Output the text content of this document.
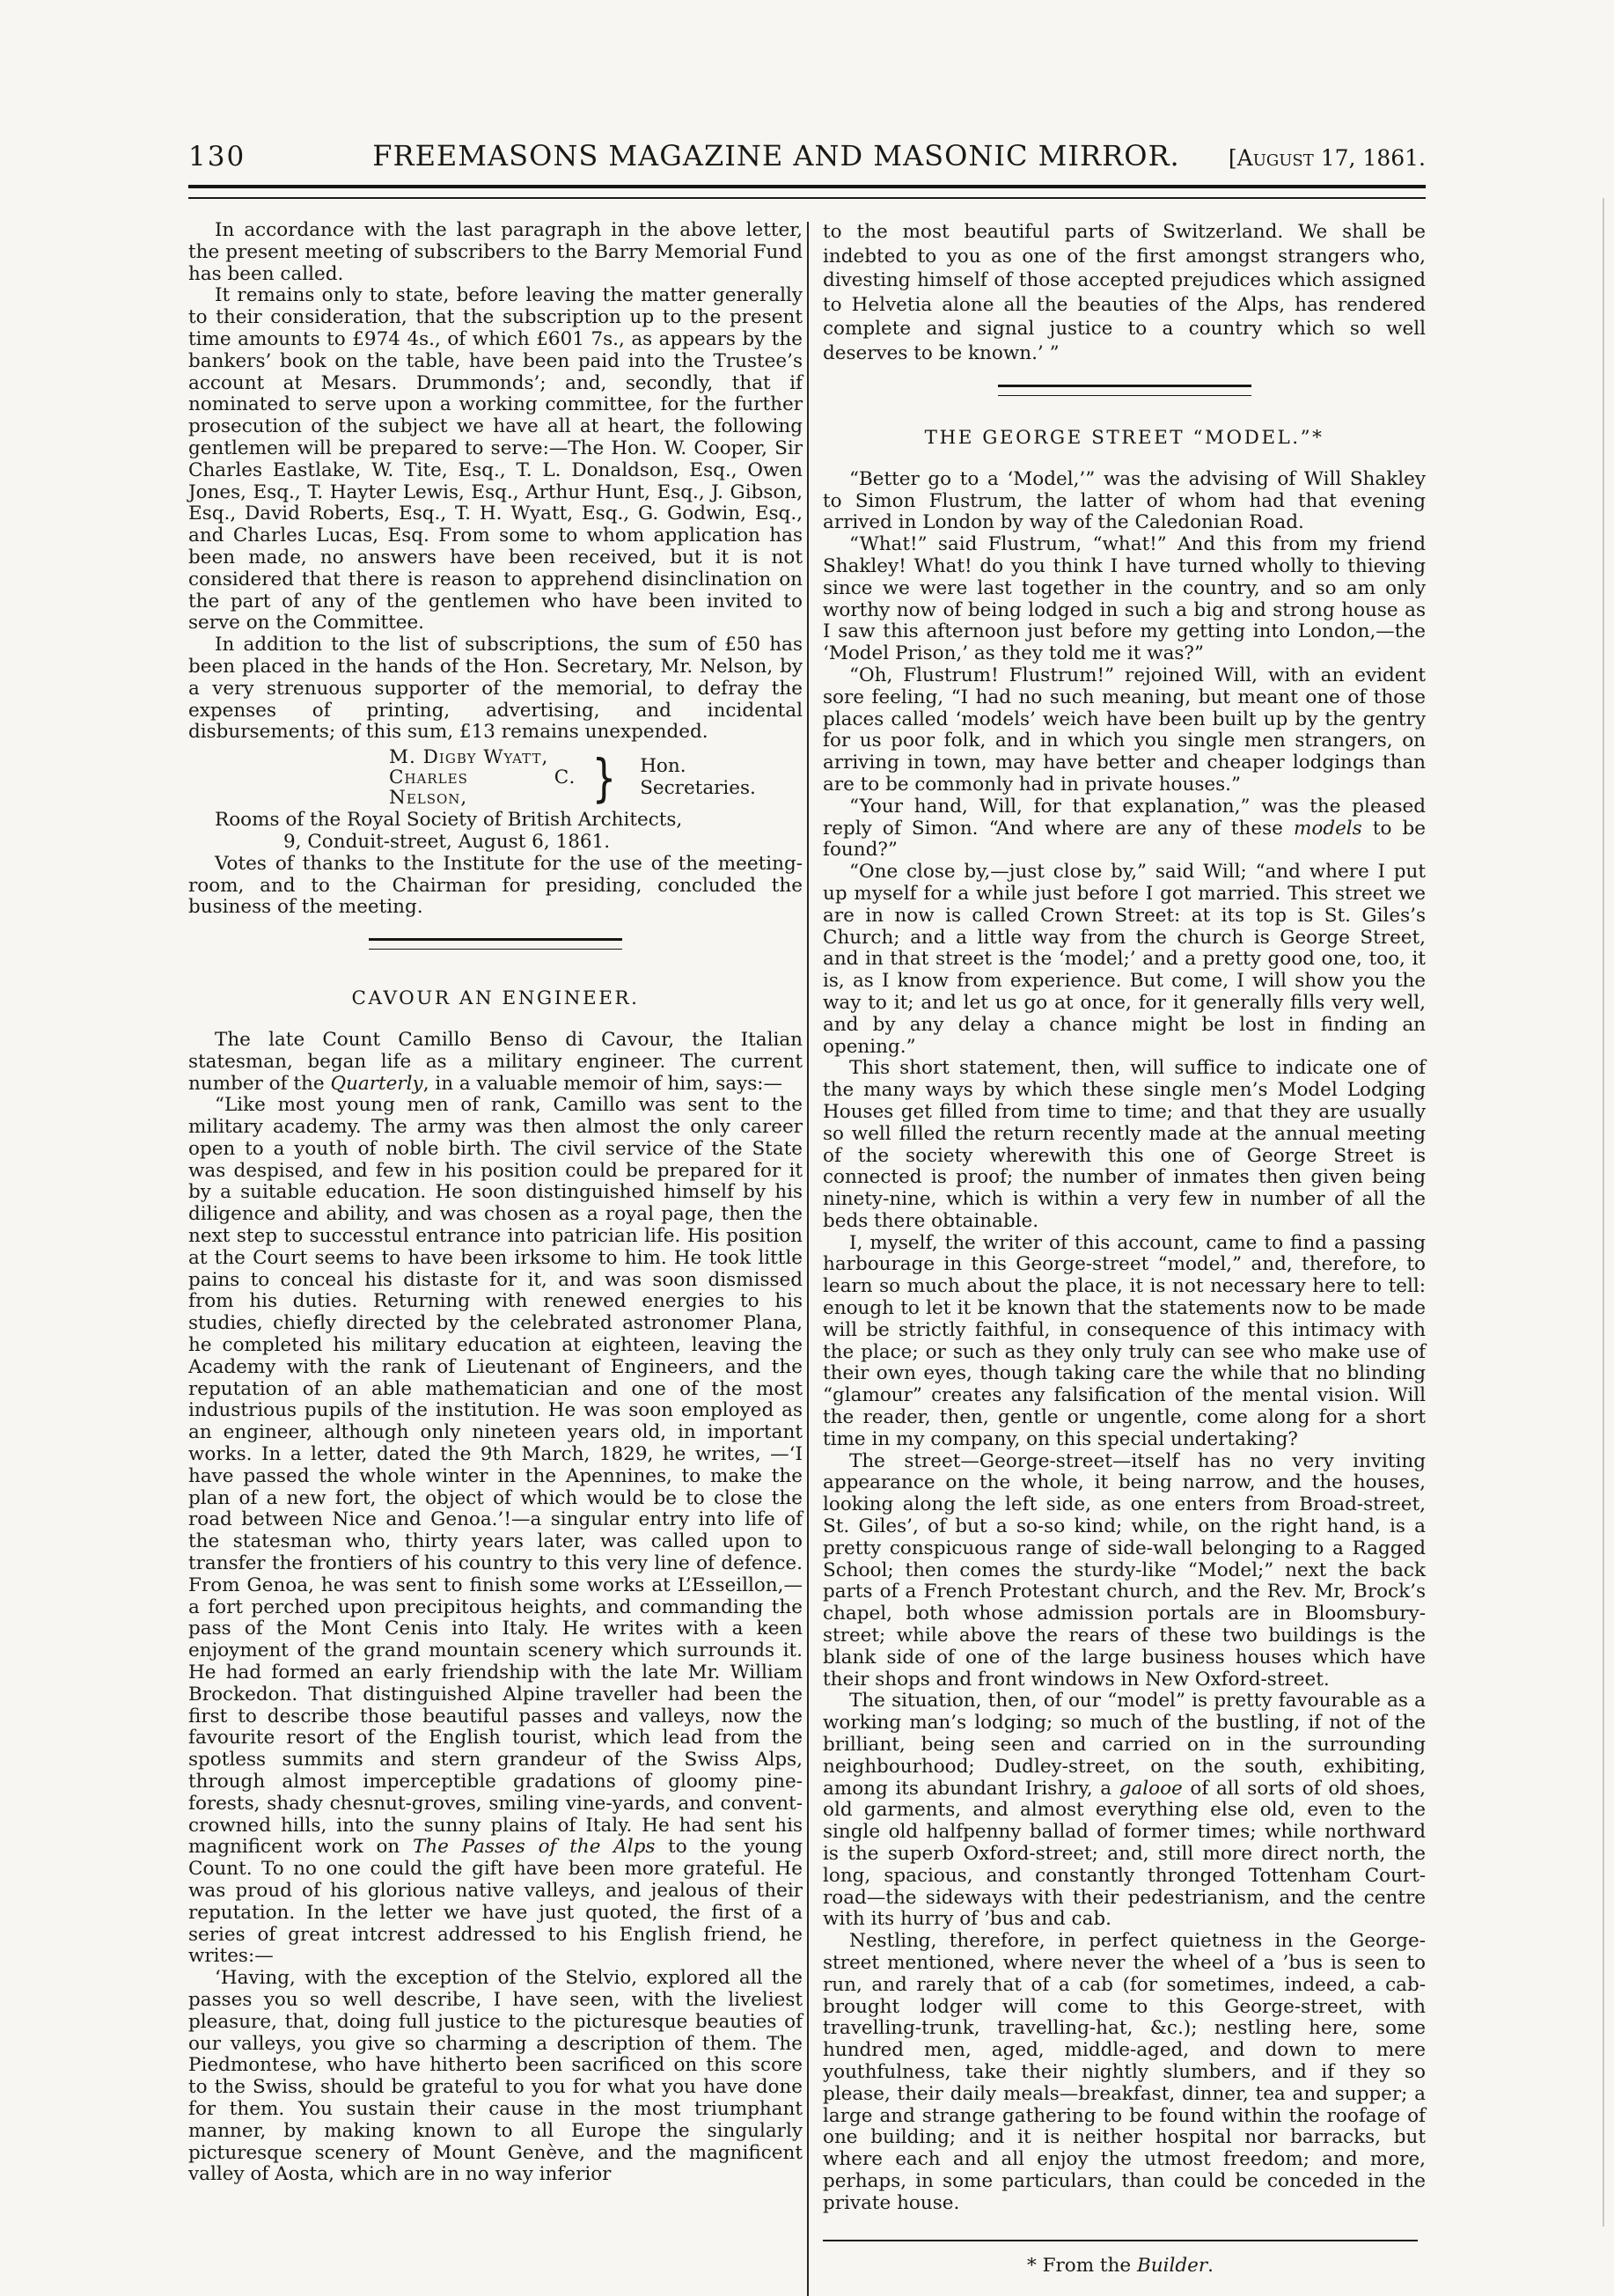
130	FREEMASONS MAGAZINE AND MASONIC MIRROR.	[August 17, 1861.

In accordance with the last paragraph in the above letter, the present meeting of subscribers to the Barry Memorial Fund has been called.

It remains only to state, before leaving the matter generally to their consideration, that the subscription up to the present time amounts to £974 4s., of which £601 7s., as appears by the bankers’ book on the table, have been paid into the Trustee’s account at Mesars. Drummonds’; and, secondly, that if nominated to serve upon a working committee, for the further prosecution of the subject we have all at heart, the following gentlemen will be prepared to serve:—The Hon. W. Cooper, Sir Charles Eastlake, W. Tite, Esq., T. L. Donaldson, Esq., Owen Jones, Esq., T. Hayter Lewis, Esq., Arthur Hunt, Esq., J. Gibson, Esq., David Roberts, Esq., T. H. Wyatt, Esq., G. Godwin, Esq., and Charles Lucas, Esq. From some to whom application has been made, no answers have been received, but it is not considered that there is reason to apprehend disinclination on the part of any of the gentlemen who have been invited to serve on the Committee.

In addition to the list of subscriptions, the sum of £50 has been placed in the hands of the Hon. Secretary, Mr. Nelson, by a very strenuous supporter of the memorial, to defray the expenses of printing, advertising, and incidental disbursements; of this sum, £13 remains unexpended.

M. Digby Wyatt,

Charles C. Nelson,	}	Hon. Secretaries.

Rooms of the Royal Society of British Architects,

9, Conduit-street, August 6, 1861.

Votes of thanks to the Institute for the use of the meeting-room, and to the Chairman for presiding, concluded the business of the meeting.

CAVOUR AN ENGINEER.

The late Count Camillo Benso di Cavour, the Italian statesman, began life as a military engineer. The current number of the Quarterly, in a valuable memoir of him, says:—

“Like most young men of rank, Camillo was sent to the military academy. The army was then almost the only career open to a youth of noble birth. The civil service of the State was despised, and few in his position could be prepared for it by a suitable education. He soon distinguished himself by his diligence and ability, and was chosen as a royal page, then the next step to successtul entrance into patrician life. His position at the Court seems to have been irksome to him. He took little pains to conceal his distaste for it, and was soon dismissed from his duties. Returning with renewed energies to his studies, chiefly directed by the celebrated astronomer Plana, he completed his military education at eighteen, leaving the Academy with the rank of Lieutenant of Engineers, and the reputation of an able mathematician and one of the most industrious pupils of the institution. He was soon employed as an engineer, although only nineteen years old, in important works. In a letter, dated the 9th March, 1829, he writes, —‘I have passed the whole winter in the Apennines, to make the plan of a new fort, the object of which would be to close the road between Nice and Genoa.’!—a singular entry into life of the statesman who, thirty years later, was called upon to transfer the frontiers of his country to this very line of defence. From Genoa, he was sent to finish some works at L’Esseillon,—a fort perched upon precipitous heights, and commanding the pass of the Mont Cenis into Italy. He writes with a keen enjoyment of the grand mountain scenery which surrounds it. He had formed an early friendship with the late Mr. William Brockedon. That distinguished Alpine traveller had been the first to describe those beautiful passes and valleys, now the favourite resort of the English tourist, which lead from the spotless summits and stern grandeur of the Swiss Alps, through almost imperceptible gradations of gloomy pine-forests, shady chesnut-groves, smiling vine-yards, and convent-crowned hills, into the sunny plains of Italy. He had sent his magnificent work on The Passes of the Alps to the young Count. To no one could the gift have been more grateful. He was proud of his glorious native valleys, and jealous of their reputation. In the letter we have just quoted, the first of a series of great intcrest addressed to his English friend, he writes:—

‘Having, with the exception of the Stelvio, explored all the passes you so well describe, I have seen, with the liveliest pleasure, that, doing full justice to the picturesque beauties of our valleys, you give so charming a description of them. The Piedmontese, who have hitherto been sacrificed on this score to the Swiss, should be grateful to you for what you have done for them. You sustain their cause in the most triumphant manner, by making known to all Europe the singularly picturesque scenery of Mount Genève, and the magnificent valley of Aosta, which are in no way inferior

to the most beautiful parts of Switzerland. We shall be indebted to you as one of the first amongst strangers who, divesting himself of those accepted prejudices which assigned to Helvetia alone all the beauties of the Alps, has rendered complete and signal justice to a country which so well deserves to be known.’ ”

THE GEORGE STREET “MODEL.”*

“Better go to a ‘Model,’” was the advising of Will Shakley to Simon Flustrum, the latter of whom had that evening arrived in London by way of the Caledonian Road.

“What!” said Flustrum, “what!” And this from my friend Shakley! What! do you think I have turned wholly to thieving since we were last together in the country, and so am only worthy now of being lodged in such a big and strong house as I saw this afternoon just before my getting into London,—the ‘Model Prison,’ as they told me it was?”

“Oh, Flustrum! Flustrum!” rejoined Will, with an evident sore feeling, “I had no such meaning, but meant one of those places called ‘models’ weich have been built up by the gentry for us poor folk, and in which you single men strangers, on arriving in town, may have better and cheaper lodgings than are to be commonly had in private houses.”

“Your hand, Will, for that explanation,” was the pleased reply of Simon. “And where are any of these models to be found?”

“One close by,—just close by,” said Will; “and where I put up myself for a while just before I got married. This street we are in now is called Crown Street: at its top is St. Giles’s Church; and a little way from the church is George Street, and in that street is the ‘model;’ and a pretty good one, too, it is, as I know from experience. But come, I will show you the way to it; and let us go at once, for it generally fills very well, and by any delay a chance might be lost in finding an opening.”

This short statement, then, will suffice to indicate one of the many ways by which these single men’s Model Lodging Houses get filled from time to time; and that they are usually so well filled the return recently made at the annual meeting of the society wherewith this one of George Street is connected is proof; the number of inmates then given being ninety-nine, which is within a very few in number of all the beds there obtainable.

I, myself, the writer of this account, came to find a passing harbourage in this George-street “model,” and, therefore, to learn so much about the place, it is not necessary here to tell: enough to let it be known that the statements now to be made will be strictly faithful, in consequence of this intimacy with the place; or such as they only truly can see who make use of their own eyes, though taking care the while that no blinding “glamour” creates any falsification of the mental vision. Will the reader, then, gentle or ungentle, come along for a short time in my company, on this special undertaking?

The street—George-street—itself has no very inviting appearance on the whole, it being narrow, and the houses, looking along the left side, as one enters from Broad-street, St. Giles’, of but a so-so kind; while, on the right hand, is a pretty conspicuous range of side-wall belonging to a Ragged School; then comes the sturdy-like “Model;” next the back parts of a French Protestant church, and the Rev. Mr, Brock’s chapel, both whose admission portals are in Bloomsbury-street; while above the rears of these two buildings is the blank side of one of the large business houses which have their shops and front windows in New Oxford-street.

The situation, then, of our “model” is pretty favourable as a working man’s lodging; so much of the bustling, if not of the brilliant, being seen and carried on in the surrounding neighbourhood; Dudley-street, on the south, exhibiting, among its abundant Irishry, a galooe of all sorts of old shoes, old garments, and almost everything else old, even to the single old halfpenny ballad of former times; while northward is the superb Oxford-street; and, still more direct north, the long, spacious, and constantly thronged Tottenham Court-road—the sideways with their pedestrianism, and the centre with its hurry of ’bus and cab.

Nestling, therefore, in perfect quietness in the George-street mentioned, where never the wheel of a ’bus is seen to run, and rarely that of a cab (for sometimes, indeed, a cab-brought lodger will come to this George-street, with travelling-trunk, travelling-hat, &c.); nestling here, some hundred men, aged, middle-aged, and down to mere youthfulness, take their nightly slumbers, and if they so please, their daily meals—breakfast, dinner, tea and supper; a large and strange gathering to be found within the roofage of one building; and it is neither hospital nor barracks, but where each and all enjoy the utmost freedom; and more, perhaps, in some particulars, than could be conceded in the private house.

* From the Builder.
